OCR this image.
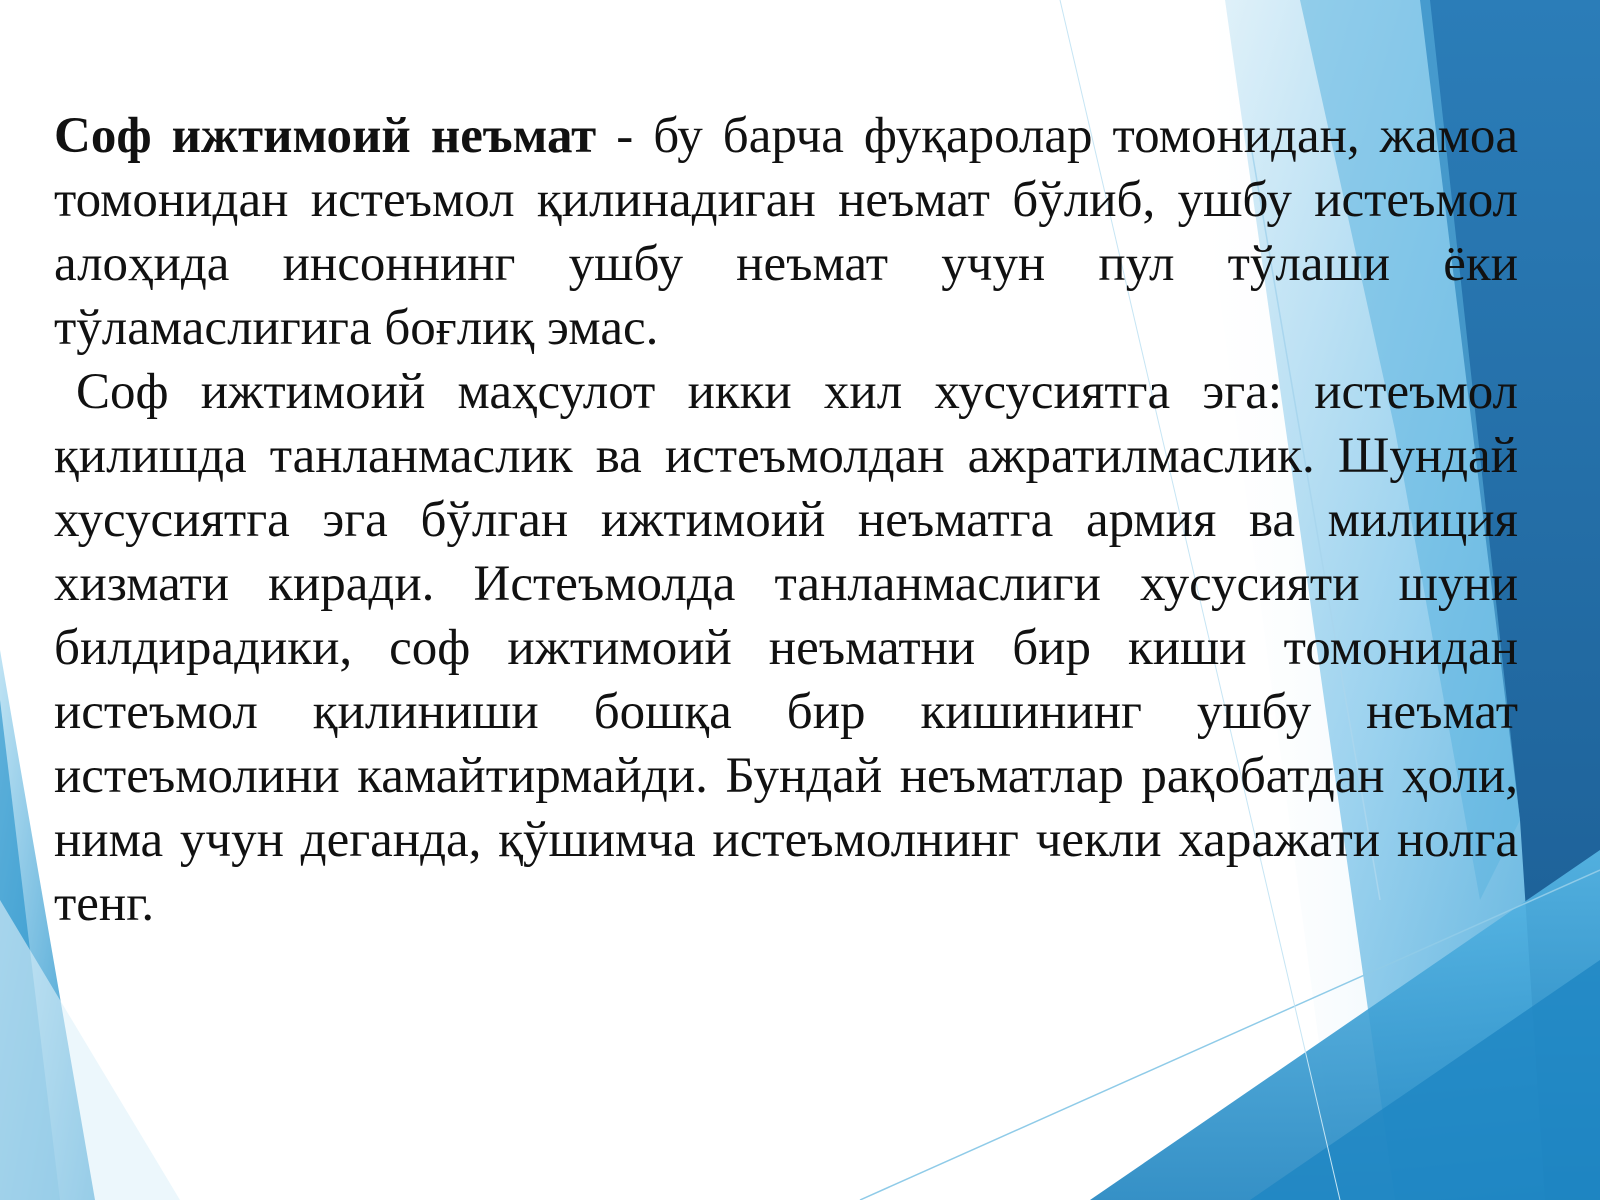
Соф ижтимоий неъмат - бу барча фуқаролар томонидан, жамоа томонидан истеъмол қилинадиган неъмат бўлиб, ушбу истеъмол алоҳида инсоннинг ушбу неъмат учун пул тўлаши ёки тўламаслигига боғлиқ эмас.

Соф ижтимоий маҳсулот икки хил хусусиятга эга: истеъмол қилишда танланмаслик ва истеъмолдан ажратилмаслик. Шундай хусусиятга эга бўлган ижтимоий неъматга армия ва милиция хизмати киради. Истеъмолда танланмаслиги хусусияти шуни билдирадики, соф ижтимоий неъматни бир киши томонидан истеъмол қилиниши бошқа бир кишининг ушбу неъмат истеъмолини камайтирмайди. Бундай неъматлар рақобатдан ҳоли, нима учун деганда, қўшимча истеъмолнинг чекли харажати нолга тенг.
